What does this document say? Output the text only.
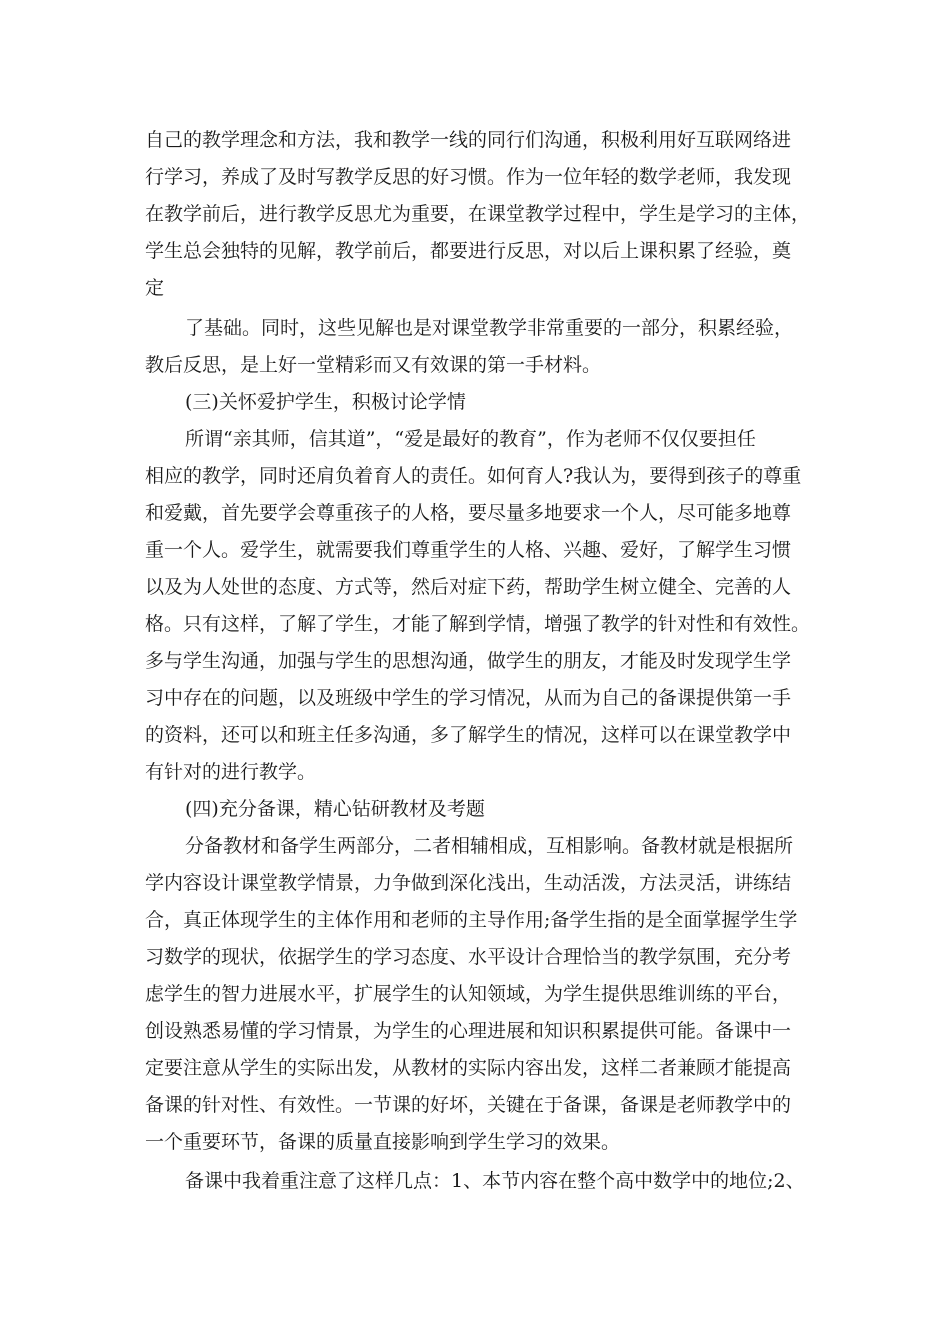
自己的教学理念和方法，我和教学一线的同行们沟通，积极利用好互联网络进
行学习，养成了及时写教学反思的好习惯。作为一位年轻的数学老师，我发现
在教学前后，进行教学反思尤为重要，在课堂教学过程中，学生是学习的主体，
学生总会独特的见解，教学前后，都要进行反思，对以后上课积累了经验，奠
定
了基础。同时，这些见解也是对课堂教学非常重要的一部分，积累经验，
教后反思，是上好一堂精彩而又有效课的第一手材料。
(三)关怀爱护学生，积极讨论学情
所谓“亲其师，信其道”，“爱是最好的教育”，作为老师不仅仅要担任
相应的教学，同时还肩负着育人的责任。如何育人?我认为，要得到孩子的尊重
和爱戴，首先要学会尊重孩子的人格，要尽量多地要求一个人，尽可能多地尊
重一个人。爱学生，就需要我们尊重学生的人格、兴趣、爱好，了解学生习惯
以及为人处世的态度、方式等，然后对症下药，帮助学生树立健全、完善的人
格。只有这样，了解了学生，才能了解到学情，增强了教学的针对性和有效性。
多与学生沟通，加强与学生的思想沟通，做学生的朋友，才能及时发现学生学
习中存在的问题，以及班级中学生的学习情况，从而为自己的备课提供第一手
的资料，还可以和班主任多沟通，多了解学生的情况，这样可以在课堂教学中
有针对的进行教学。
(四)充分备课，精心钻研教材及考题
分备教材和备学生两部分，二者相辅相成，互相影响。备教材就是根据所
学内容设计课堂教学情景，力争做到深化浅出，生动活泼，方法灵活，讲练结
合，真正体现学生的主体作用和老师的主导作用;备学生指的是全面掌握学生学
习数学的现状，依据学生的学习态度、水平设计合理恰当的教学氛围，充分考
虑学生的智力进展水平，扩展学生的认知领域，为学生提供思维训练的平台，
创设熟悉易懂的学习情景，为学生的心理进展和知识积累提供可能。备课中一
定要注意从学生的实际出发，从教材的实际内容出发，这样二者兼顾才能提高
备课的针对性、有效性。一节课的好坏，关键在于备课，备课是老师教学中的
一个重要环节，备课的质量直接影响到学生学习的效果。
备课中我着重注意了这样几点：1、本节内容在整个高中数学中的地位;2、
